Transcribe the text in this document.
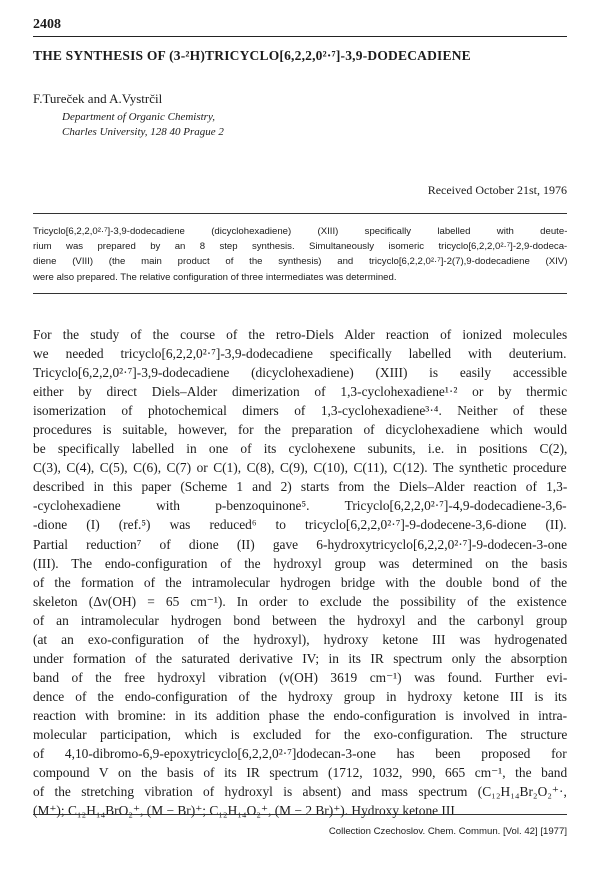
2408
THE SYNTHESIS OF (3-²H)TRICYCLO[6,2,2,0²·⁷]-3,9-DODECADIENE
F.Tureček and A.Vystrčil
Department of Organic Chemistry,
Charles University, 128 40 Prague 2
Received October 21st, 1976
Tricyclo[6,2,2,0²·⁷]-3,9-dodecadiene (dicyclohexadiene) (XIII) specifically labelled with deute-
rium was prepared by an 8 step synthesis. Simultaneously isomeric tricyclo[6,2,2,0²·⁷]-2,9-dodeca-
diene (VIII) (the main product of the synthesis) and tricyclo[6,2,2,0²·⁷]-2(7),9-dodecadiene (XIV)
were also prepared. The relative configuration of three intermediates was determined.
For the study of the course of the retro-Diels Alder reaction of ionized molecules
we needed tricyclo[6,2,2,0²·⁷]-3,9-dodecadiene specifically labelled with deuterium.
Tricyclo[6,2,2,0²·⁷]-3,9-dodecadiene (dicyclohexadiene) (XIII) is easily accessible
either by direct Diels–Alder dimerization of 1,3-cyclohexadiene¹·² or by thermic
isomerization of photochemical dimers of 1,3-cyclohexadiene³·⁴. Neither of these
procedures is suitable, however, for the preparation of dicyclohexadiene which would
be specifically labelled in one of its cyclohexene subunits, i.e. in positions C(2),
C(3), C(4), C(5), C(6), C(7) or C(1), C(8), C(9), C(10), C(11), C(12). The synthetic procedure
described in this paper (Scheme 1 and 2) starts from the Diels–Alder reaction of 1,3-
-cyclohexadiene with p-benzoquinone⁵. Tricyclo[6,2,2,0²·⁷]-4,9-dodecadiene-3,6-
-dione (I) (ref.⁵) was reduced⁶ to tricyclo[6,2,2,0²·⁷]-9-dodecene-3,6-dione (II).
Partial reduction⁷ of dione (II) gave 6-hydroxytricyclo[6,2,2,0²·⁷]-9-dodecen-3-one
(III). The endo-configuration of the hydroxyl group was determined on the basis
of the formation of the intramolecular hydrogen bridge with the double bond of the
skeleton (Δν(OH) = 65 cm⁻¹). In order to exclude the possibility of the existence
of an intramolecular hydrogen bond between the hydroxyl and the carbonyl group
(at an exo-configuration of the hydroxyl), hydroxy ketone III was hydrogenated
under formation of the saturated derivative IV; in its IR spectrum only the absorption
band of the free hydroxyl vibration (ν(OH) 3619 cm⁻¹) was found. Further evi-
dence of the endo-configuration of the hydroxy group in hydroxy ketone III is its
reaction with bromine: in its addition phase the endo-configuration is involved in intra-
molecular participation, which is excluded for the exo-configuration. The structure
of 4,10-dibromo-6,9-epoxytricyclo[6,2,2,0²·⁷]dodecan-3-one has been proposed for
compound V on the basis of its IR spectrum (1712, 1032, 990, 665 cm⁻¹, the band
of the stretching vibration of hydroxyl is absent) and mass spectrum (C₁₂H₁₄Br₂O₂⁺·,
(M⁺); C₁₂H₁₄BrO₂⁺, (M − Br)⁺; C₁₂H₁₄O₂⁺, (M − 2 Br)⁺). Hydroxy ketone III
Collection Czechoslov. Chem. Commun. [Vol. 42] [1977]
